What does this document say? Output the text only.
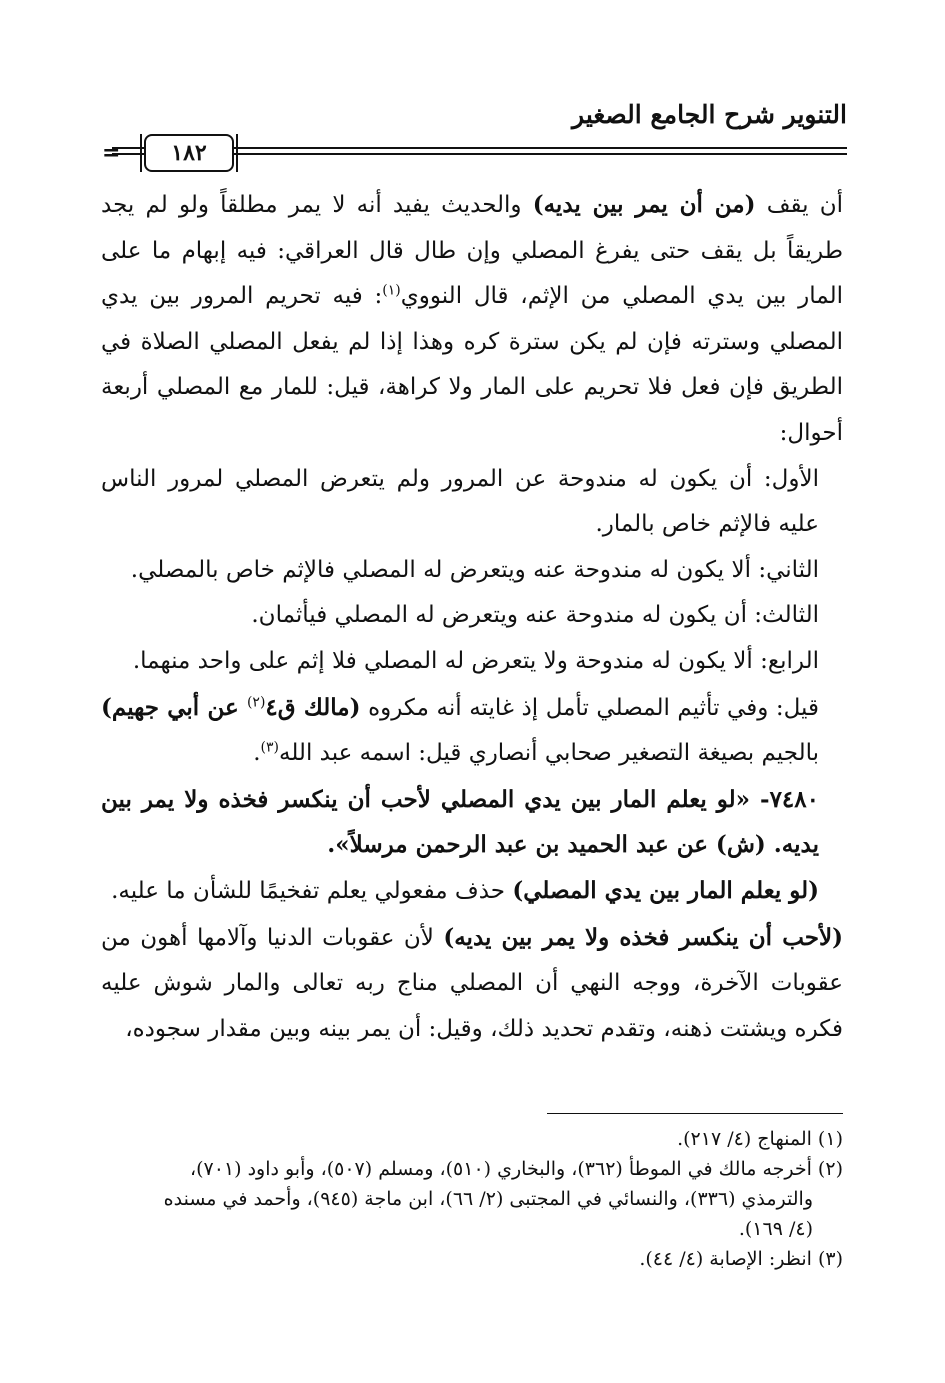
التنوير شرح الجامع الصغير
١٨٢
=

أن يقف (من أن يمر بين يديه) والحديث يفيد أنه لا يمر مطلقاً ولو لم يجد طريقاً بل يقف حتى يفرغ المصلي وإن طال قال العراقي: فيه إبهام ما على المار بين يدي المصلي من الإثم، قال النووي$^{(١)}$: فيه تحريم المرور بين يدي المصلي وسترته فإن لم يكن سترة كره وهذا إذا لم يفعل المصلي الصلاة في الطريق فإن فعل فلا تحريم على المار ولا كراهة، قيل: للمار مع المصلي أربعة أحوال:

الأول: أن يكون له مندوحة عن المرور ولم يتعرض المصلي لمرور الناس عليه فالإثم خاص بالمار.

الثاني: ألا يكون له مندوحة عنه ويتعرض له المصلي فالإثم خاص بالمصلي.

الثالث: أن يكون له مندوحة عنه ويتعرض له المصلي فيأثمان.

الرابع: ألا يكون له مندوحة ولا يتعرض له المصلي فلا إثم على واحد منهما.

قيل: وفي تأثيم المصلي تأمل إذ غايته أنه مكروه (مالك ق٤$^{(٢)}$ عن أبي جهيم) بالجيم بصيغة التصغير صحابي أنصاري قيل: اسمه عبد الله$^{(٣)}$.

٧٤٨٠- «لو يعلم المار بين يدي المصلي لأحب أن ينكسر فخذه ولا يمر بين يديه. (ش) عن عبد الحميد بن عبد الرحمن مرسلاً».

(لو يعلم المار بين يدي المصلي) حذف مفعولي يعلم تفخيمًا للشأن ما عليه.

(لأحب أن ينكسر فخذه ولا يمر بين يديه) لأن عقوبات الدنيا وآلامها أهون من عقوبات الآخرة، ووجه النهي أن المصلي مناج ربه تعالى والمار شوش عليه فكره ويشتت ذهنه، وتقدم تحديد ذلك، وقيل: أن يمر بينه وبين مقدار سجوده،

(١) المنهاج (٤/ ٢١٧).

(٢) أخرجه مالك في الموطأ (٣٦٢)، والبخاري (٥١٠)، ومسلم (٥٠٧)، وأبو داود (٧٠١)،

والترمذي (٣٣٦)، والنسائي في المجتبى (٢/ ٦٦)، ابن ماجة (٩٤٥)، وأحمد في مسنده

(٤/ ١٦٩).

(٣) انظر: الإصابة (٤/ ٤٤).
